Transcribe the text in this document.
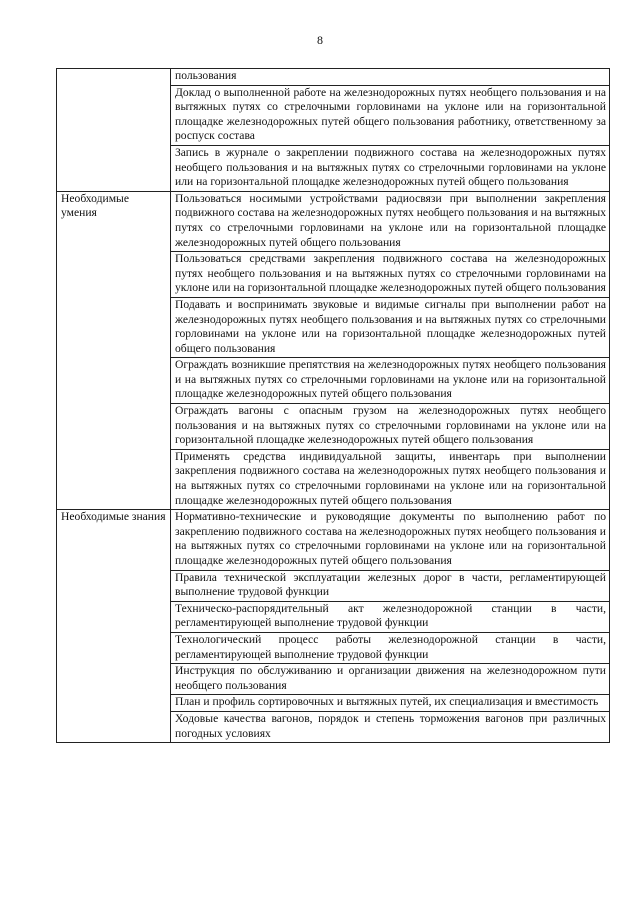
8
	пользования
	Доклад о выполненной работе на железнодорожных путях необщего пользования и на вытяжных путях со стрелочными горловинами на уклоне или на горизонтальной площадке железнодорожных путей общего пользования работнику, ответственному за роспуск состава
	Запись в журнале о закреплении подвижного состава на железнодорожных путях необщего пользования и на вытяжных путях со стрелочными горловинами на уклоне или на горизонтальной площадке железнодорожных путей общего пользования
Необходимые умения	Пользоваться носимыми устройствами радиосвязи при выполнении закрепления подвижного состава на железнодорожных путях необщего пользования и на вытяжных путях со стрелочными горловинами на уклоне или на горизонтальной площадке железнодорожных путей общего пользования
	Пользоваться средствами закрепления подвижного состава на железнодорожных путях необщего пользования и на вытяжных путях со стрелочными горловинами на уклоне или на горизонтальной площадке железнодорожных путей общего пользования
	Подавать и воспринимать звуковые и видимые сигналы при выполнении работ на железнодорожных путях необщего пользования и на вытяжных путях со стрелочными горловинами на уклоне или на горизонтальной площадке железнодорожных путей общего пользования
	Ограждать возникшие препятствия на железнодорожных путях необщего пользования и на вытяжных путях со стрелочными горловинами на уклоне или на горизонтальной площадке железнодорожных путей общего пользования
	Ограждать вагоны с опасным грузом на железнодорожных путях необщего пользования и на вытяжных путях со стрелочными горловинами на уклоне или на горизонтальной площадке железнодорожных путей общего пользования
	Применять средства индивидуальной защиты, инвентарь при выполнении закрепления подвижного состава на железнодорожных путях необщего пользования и на вытяжных путях со стрелочными горловинами на уклоне или на горизонтальной площадке железнодорожных путей общего пользования
Необходимые знания	Нормативно-технические и руководящие документы по выполнению работ по закреплению подвижного состава на железнодорожных путях необщего пользования и на вытяжных путях со стрелочными горловинами на уклоне или на горизонтальной площадке железнодорожных путей общего пользования
	Правила технической эксплуатации железных дорог в части, регламентирующей выполнение трудовой функции
	Техническо-распорядительный акт железнодорожной станции в части, регламентирующей выполнение трудовой функции
	Технологический процесс работы железнодорожной станции в части, регламентирующей выполнение трудовой функции
	Инструкция по обслуживанию и организации движения на железнодорожном пути необщего пользования
	План и профиль сортировочных и вытяжных путей, их специализация и вместимость
	Ходовые качества вагонов, порядок и степень торможения вагонов при различных погодных условиях
